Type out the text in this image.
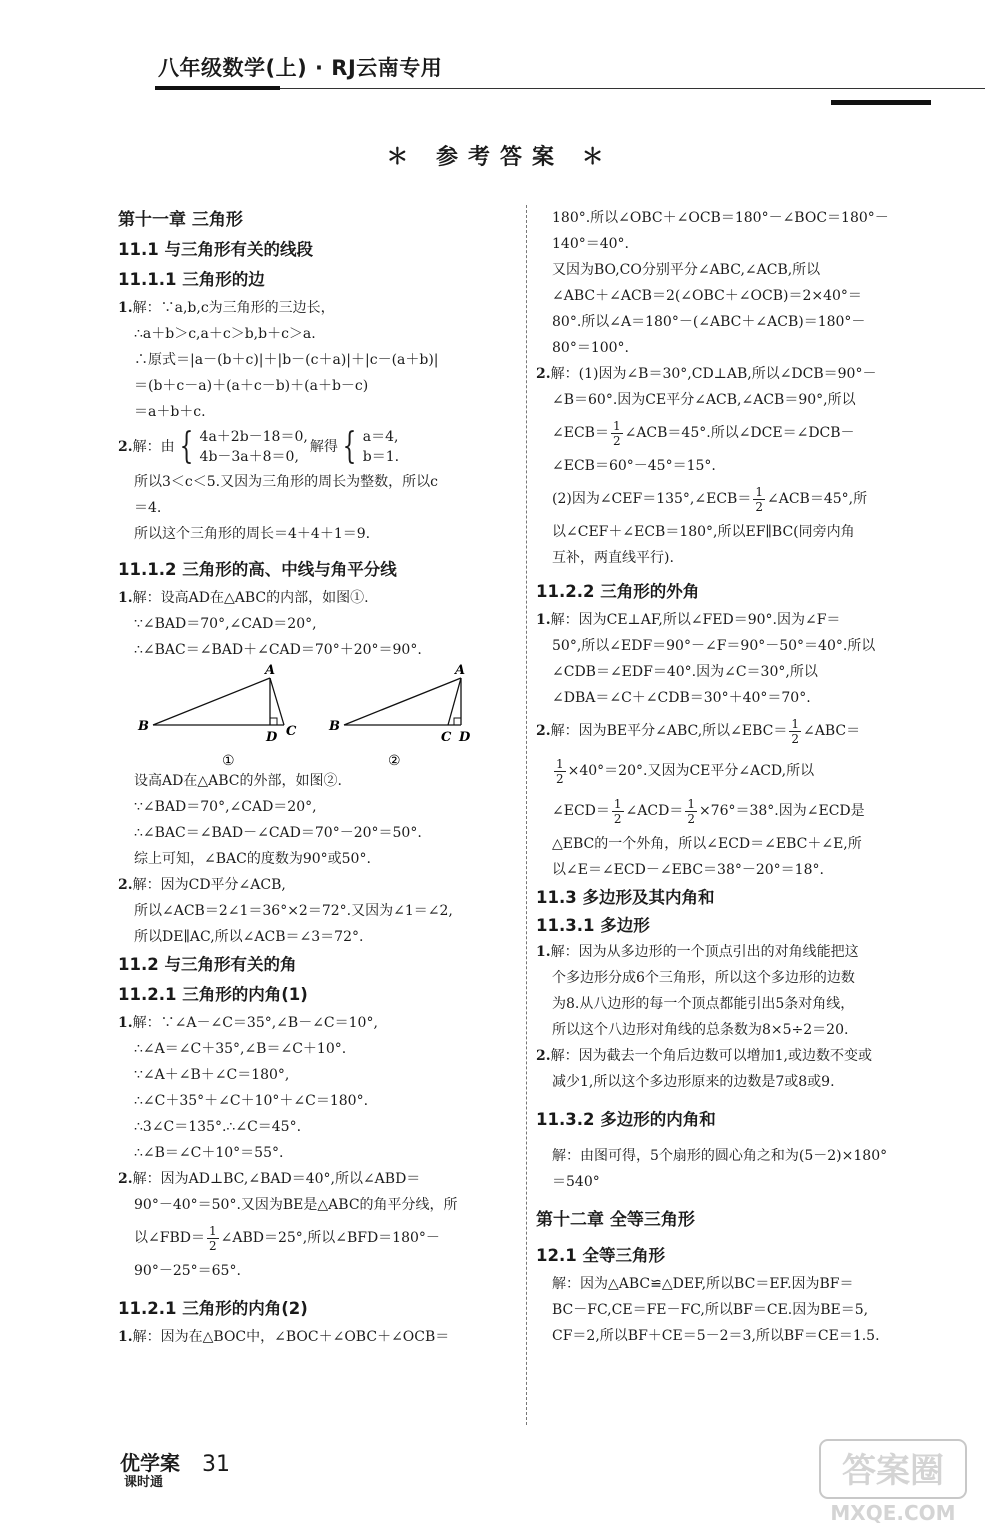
八年级数学(上) · RJ云南专用
＊ 参考答案 ＊
第十一章 三角形
11.1 与三角形有关的线段
11.1.1 三角形的边
1.解：∵a,b,c为三角形的三边长，
∴a＋b＞c,a＋c＞b,b＋c＞a.
∴原式＝|a－(b＋c)|＋|b－(c＋a)|＋|c－(a＋b)|
＝(b＋c－a)＋(a＋c－b)＋(a＋b－c)
＝a＋b＋c.
2.解：由 { 4a＋2b－18＝0,
4b－3a＋8＝0,
解得 { a＝4,
b＝1.
所以3＜c＜5.又因为三角形的周长为整数，所以c
＝4.
所以这个三角形的周长＝4＋4＋1＝9.
11.1.2 三角形的高、中线与角平分线
1.解：设高AD在△ABC的内部，如图①.
∵∠BAD＝70°,∠CAD＝20°,
∴∠BAC＝∠BAD＋∠CAD＝70°＋20°＝90°.
A
B
D C
①
A
B
C D
②
设高AD在△ABC的外部，如图②.
∵∠BAD＝70°,∠CAD＝20°,
∴∠BAC＝∠BAD－∠CAD＝70°－20°＝50°.
综上可知，∠BAC的度数为90°或50°.
2.解：因为CD平分∠ACB,
所以∠ACB＝2∠1＝36°×2＝72°.又因为∠1＝∠2,
所以DE∥AC,所以∠ACB＝∠3＝72°.
11.2 与三角形有关的角
11.2.1 三角形的内角(1)
1.解：∵∠A－∠C＝35°,∠B－∠C＝10°,
∴∠A＝∠C＋35°,∠B＝∠C＋10°.
∵∠A＋∠B＋∠C＝180°,
∴∠C＋35°＋∠C＋10°＋∠C＝180°.
∴3∠C＝135°.∴∠C＝45°.
∴∠B＝∠C＋10°＝55°.
2.解：因为AD⊥BC,∠BAD＝40°,所以∠ABD＝
90°－40°＝50°.又因为BE是△ABC的角平分线，所
以∠FBD＝ $\frac{1}{2}$ ∠ABD＝25°,所以∠BFD＝180°－
90°－25°＝65°.
11.2.1 三角形的内角(2)
1.解：因为在△BOC中，∠BOC＋∠OBC＋∠OCB＝
180°.所以∠OBC＋∠OCB＝180°－∠BOC＝180°－
140°＝40°.
又因为BO,CO分别平分∠ABC,∠ACB,所以
∠ABC＋∠ACB＝2(∠OBC＋∠OCB)＝2×40°＝
80°.所以∠A＝180°－(∠ABC＋∠ACB)＝180°－
80°＝100°.
2.解：(1)因为∠B＝30°,CD⊥AB,所以∠DCB＝90°－
∠B＝60°.因为CE平分∠ACB,∠ACB＝90°,所以
∠ECB＝ $\frac{1}{2}$ ∠ACB＝45°.所以∠DCE＝∠DCB－
∠ECB＝60°－45°＝15°.
(2)因为∠CEF＝135°,∠ECB＝ $\frac{1}{2}$ ∠ACB＝45°,所
以∠CEF＋∠ECB＝180°,所以EF∥BC(同旁内角
互补，两直线平行).
11.2.2 三角形的外角
1.解：因为CE⊥AF,所以∠FED＝90°.因为∠F＝
50°,所以∠EDF＝90°－∠F＝90°－50°＝40°.所以
∠CDB＝∠EDF＝40°.因为∠C＝30°,所以
∠DBA＝∠C＋∠CDB＝30°＋40°＝70°.
2.解：因为BE平分∠ABC,所以∠EBC＝ $\frac{1}{2}$ ∠ABC＝
$\frac{1}{2} \times 40^\circ=20^\circ$.又因为CE平分∠ACD,所以
∠ECD＝ $\frac{1}{2}$ ∠ACD＝ $\frac{1}{2} \times 76^\circ=38^\circ$.因为∠ECD是
△EBC的一个外角，所以∠ECD＝∠EBC＋∠E,所
以∠E＝∠ECD－∠EBC＝38°－20°＝18°.
11.3 多边形及其内角和
11.3.1 多边形
1.解：因为从多边形的一个顶点引出的对角线能把这
个多边形分成6个三角形，所以这个多边形的边数
为8.从八边形的每一个顶点都能引出5条对角线，
所以这个八边形对角线的总条数为8×5÷2＝20.
2.解：因为截去一个角后边数可以增加1,或边数不变或
减少1,所以这个多边形原来的边数是7或8或9.
11.3.2 多边形的内角和
解：由图可得，5个扇形的圆心角之和为(5－2)×180°
＝540°
第十二章 全等三角形
12.1 全等三角形
解：因为△ABC≌△DEF,所以BC＝EF.因为BF＝
BC－FC,CE＝FE－FC,所以BF＝CE.因为BE＝5,
CF＝2,所以BF＋CE＝5－2＝3,所以BF＝CE＝1.5.
优学案
课时通
31	答案圈
MXQE.COM
